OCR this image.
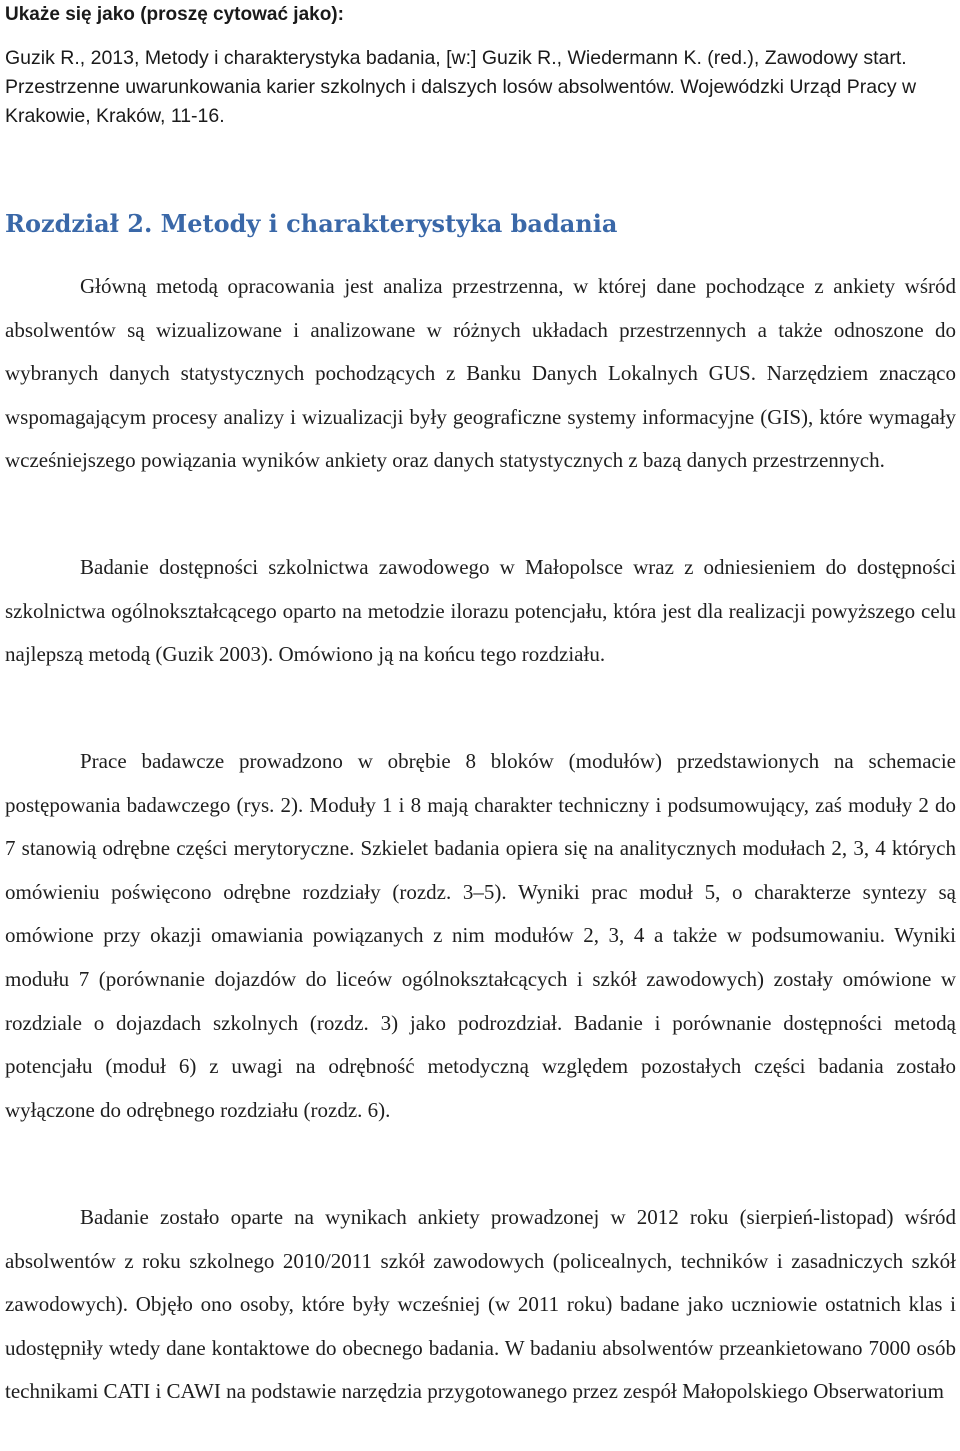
Ukaże się jako (proszę cytować jako):

Guzik R., 2013, Metody i charakterystyka badania, [w:] Guzik R., Wiedermann K. (red.), Zawodowy start. Przestrzenne uwarunkowania karier szkolnych i dalszych losów absolwentów. Wojewódzki Urząd Pracy w Krakowie, Kraków, 11-16.

Rozdział 2. Metody i charakterystyka badania

Główną metodą opracowania jest analiza przestrzenna, w której dane pochodzące z ankiety wśród absolwentów są wizualizowane i analizowane w różnych układach przestrzennych a także odnoszone do wybranych danych statystycznych pochodzących z Banku Danych Lokalnych GUS. Narzędziem znacząco wspomagającym procesy analizy i wizualizacji były geograficzne systemy informacyjne (GIS), które wymagały wcześniejszego powiązania wyników ankiety oraz danych statystycznych z bazą danych przestrzennych.

Badanie dostępności szkolnictwa zawodowego w Małopolsce wraz z odniesieniem do dostępności szkolnictwa ogólnokształcącego oparto na metodzie ilorazu potencjału, która jest dla realizacji powyższego celu najlepszą metodą (Guzik 2003). Omówiono ją na końcu tego rozdziału.

Prace badawcze prowadzono w obrębie 8 bloków (modułów) przedstawionych na schemacie postępowania badawczego (rys. 2). Moduły 1 i 8 mają charakter techniczny i podsumowujący, zaś moduły 2 do 7 stanowią odrębne części merytoryczne. Szkielet badania opiera się na analitycznych modułach 2, 3, 4 których omówieniu poświęcono odrębne rozdziały (rozdz. 3–5). Wyniki prac moduł 5, o charakterze syntezy są omówione przy okazji omawiania powiązanych z nim modułów 2, 3, 4 a także w podsumowaniu. Wyniki modułu 7 (porównanie dojazdów do liceów ogólnokształcących i szkół zawodowych) zostały omówione w rozdziale o dojazdach szkolnych (rozdz. 3) jako podrozdział. Badanie i porównanie dostępności metodą potencjału (moduł 6) z uwagi na odrębność metodyczną względem pozostałych części badania zostało wyłączone do odrębnego rozdziału (rozdz. 6).

Badanie zostało oparte na wynikach ankiety prowadzonej w 2012 roku (sierpień-listopad) wśród absolwentów z roku szkolnego 2010/2011 szkół zawodowych (policealnych, techników i zasadniczych szkół zawodowych). Objęło ono osoby, które były wcześniej (w 2011 roku) badane jako uczniowie ostatnich klas i udostępniły wtedy dane kontaktowe do obecnego badania. W badaniu absolwentów przeankietowano 7000 osób technikami CATI i CAWI na podstawie narzędzia przygotowanego przez zespół Małopolskiego Obserwatorium
